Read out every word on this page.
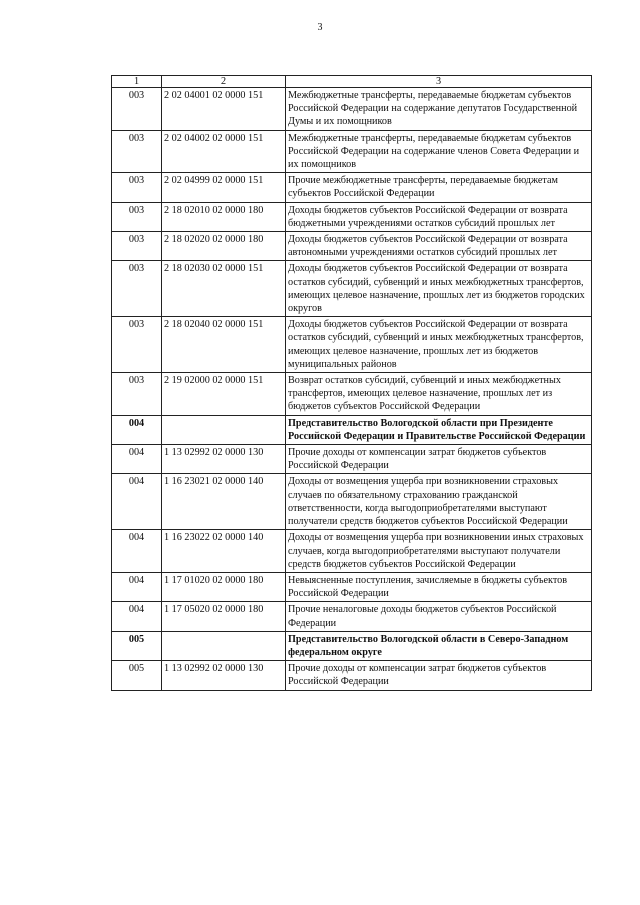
3
1	2	3
003	2 02 04001 02 0000 151	Межбюджетные трансферты, передаваемые бюджетам субъектов Российской Федерации на содержание депутатов Государственной Думы и их помощников
003	2 02 04002 02 0000 151	Межбюджетные трансферты, передаваемые бюджетам субъектов Российской Федерации на содержание членов Совета Федерации и их помощников
003	2 02 04999 02 0000 151	Прочие межбюджетные трансферты, передаваемые бюджетам субъектов Российской Федерации
003	2 18 02010 02 0000 180	Доходы бюджетов субъектов Российской Федерации от возврата бюджетными учреждениями остатков субсидий прошлых лет
003	2 18 02020 02 0000 180	Доходы бюджетов субъектов Российской Федерации от возврата автономными учреждениями остатков субсидий прошлых лет
003	2 18 02030 02 0000 151	Доходы бюджетов субъектов Российской Федерации от возврата остатков субсидий, субвенций и иных межбюджетных трансфертов, имеющих целевое назначение, прошлых лет из бюджетов городских округов
003	2 18 02040 02 0000 151	Доходы бюджетов субъектов Российской Федерации от возврата остатков субсидий, субвенций и иных межбюджетных трансфертов, имеющих целевое назначение, прошлых лет из бюджетов муниципальных районов
003	2 19 02000 02 0000 151	Возврат остатков субсидий, субвенций и иных межбюджетных трансфертов, имеющих целевое назначение, прошлых лет из бюджетов субъектов Российской Федерации
004		Представительство Вологодской области при Президенте Российской Федерации и Правительстве Российской Федерации
004	1 13 02992 02 0000 130	Прочие доходы от компенсации затрат бюджетов субъектов Российской Федерации
004	1 16 23021 02 0000 140	Доходы от возмещения ущерба при возникновении страховых случаев по обязательному страхованию гражданской ответственности, когда выгодоприобретателями выступают получатели средств бюджетов субъектов Российской Федерации
004	1 16 23022 02 0000 140	Доходы от возмещения ущерба при возникновении иных страховых случаев, когда выгодоприобретателями выступают получатели средств бюджетов субъектов Российской Федерации
004	1 17 01020 02 0000 180	Невыясненные поступления, зачисляемые в бюджеты субъектов Российской Федерации
004	1 17 05020 02 0000 180	Прочие неналоговые доходы бюджетов субъектов Российской Федерации
005		Представительство Вологодской области в Северо-Западном федеральном округе
005	1 13 02992 02 0000 130	Прочие доходы от компенсации затрат бюджетов субъектов Российской Федерации
